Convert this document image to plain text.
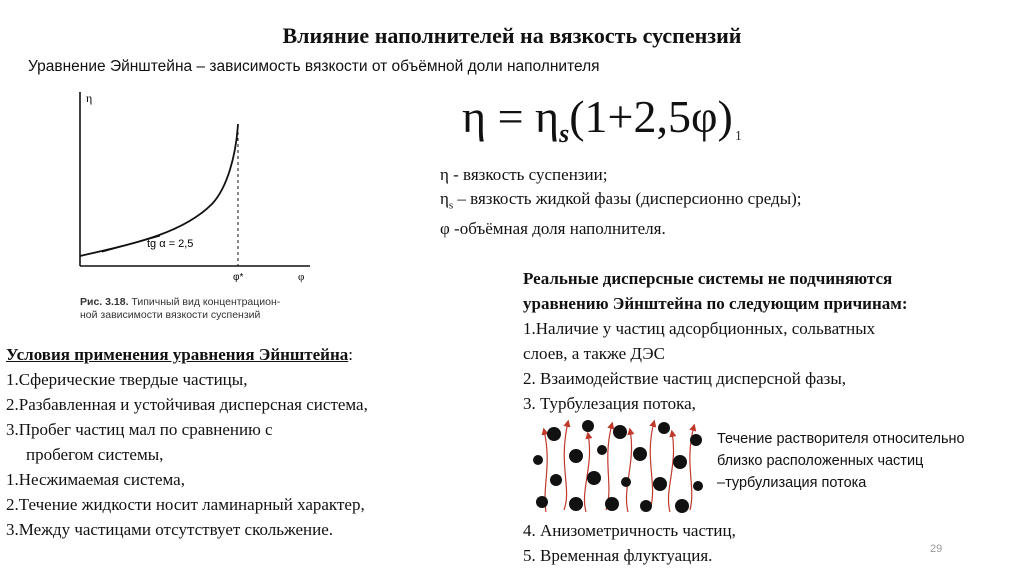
Влияние наполнителей на вязкость суспензий
Уравнение Эйнштейна – зависимость вязкости от объёмной доли наполнителя
η
tg α = 2,5
φ*	φ
Рис. 3.18. Типичный вид концентрацион-
ной зависимости вязкости суспензий
$\eta = \eta_s(1+2,5\varphi)$ 1
η - вязкость суспензии;
$\eta_s$ – вязкость жидкой фазы (дисперсионно среды);
φ -объёмная доля наполнителя.
Реальные дисперсные системы не подчиняются
уравнению Эйнштейна по следующим причинам:
1.Наличие у частиц адсорбционных, сольватных
слоев, а также ДЭС
2. Взаимодействие частиц дисперсной фазы,
3. Турбулезация потока,
Течение растворителя относительно
близко расположенных частиц
–турбулизация потока
4. Анизометричность частиц,
5. Временная флуктуация.
Условия применения уравнения Эйнштейна:
1.Сферические твердые частицы,
2.Разбавленная и устойчивая дисперсная система,
3.Пробег частиц мал по сравнению с
пробегом системы,
1.Несжимаемая система,
2.Течение жидкости носит ламинарный характер,
3.Между частицами отсутствует скольжение.
29
